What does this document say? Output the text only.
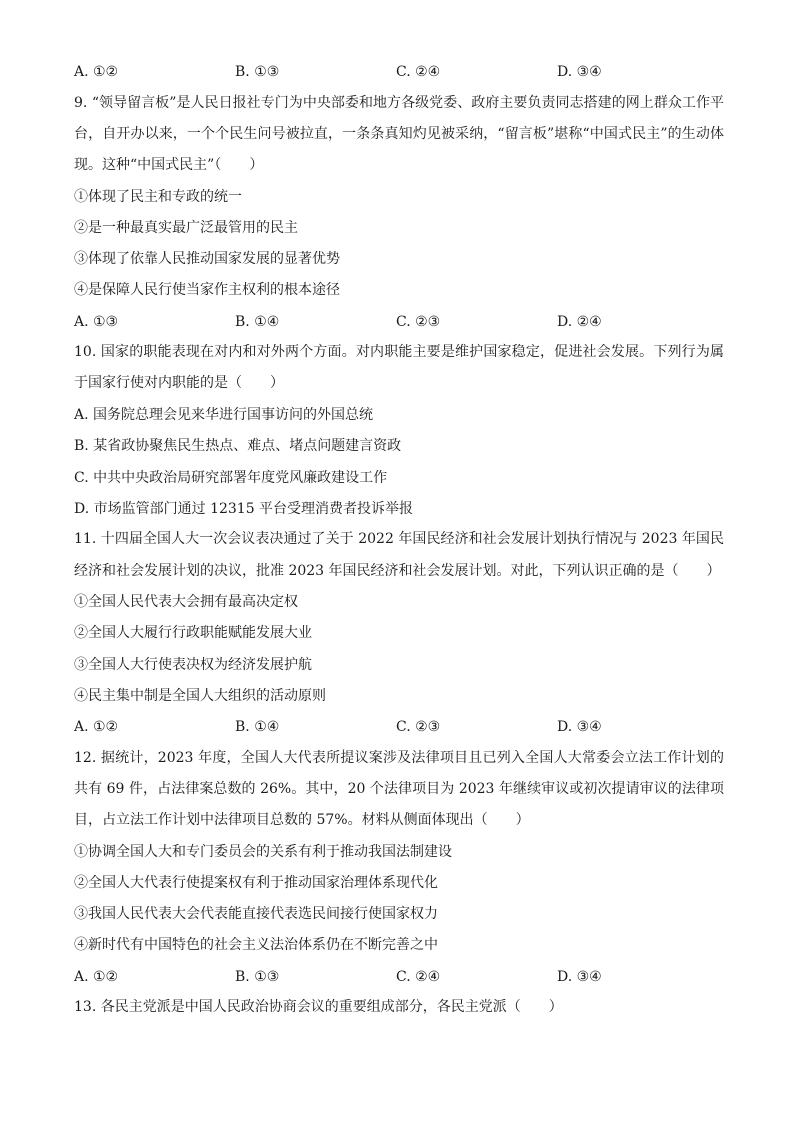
A. ①②	B. ①③	C. ②④	D. ③④
9. “领导留言板”是人民日报社专门为中央部委和地方各级党委、政府主要负责同志搭建的网上群众工作平台，自开办以来，一个个民生问号被拉直，一条条真知灼见被采纳，“留言板”堪称“中国式民主”的生动体现。这种“中国式民主”（　　）
①体现了民主和专政的统一
②是一种最真实最广泛最管用的民主
③体现了依靠人民推动国家发展的显著优势
④是保障人民行使当家作主权利的根本途径
A. ①③	B. ①④	C. ②③	D. ②④
10. 国家的职能表现在对内和对外两个方面。对内职能主要是维护国家稳定，促进社会发展。下列行为属于国家行使对内职能的是（　　）
A. 国务院总理会见来华进行国事访问的外国总统
B. 某省政协聚焦民生热点、难点、堵点问题建言资政
C. 中共中央政治局研究部署年度党风廉政建设工作
D. 市场监管部门通过 12315 平台受理消费者投诉举报
11. 十四届全国人大一次会议表决通过了关于 2022 年国民经济和社会发展计划执行情况与 2023 年国民经济和社会发展计划的决议，批准 2023 年国民经济和社会发展计划。对此，下列认识正确的是（　　）
①全国人民代表大会拥有最高决定权
②全国人大履行行政职能赋能发展大业
③全国人大行使表决权为经济发展护航
④民主集中制是全国人大组织的活动原则
A. ①②	B. ①④	C. ②③	D. ③④
12. 据统计，2023 年度，全国人大代表所提议案涉及法律项目且已列入全国人大常委会立法工作计划的共有 69 件，占法律案总数的 26%。其中，20 个法律项目为 2023 年继续审议或初次提请审议的法律项目，占立法工作计划中法律项目总数的 57%。材料从侧面体现出（　　）
①协调全国人大和专门委员会的关系有利于推动我国法制建设
②全国人大代表行使提案权有利于推动国家治理体系现代化
③我国人民代表大会代表能直接代表选民间接行使国家权力
④新时代有中国特色的社会主义法治体系仍在不断完善之中
A. ①②	B. ①③	C. ②④	D. ③④
13. 各民主党派是中国人民政治协商会议的重要组成部分，各民主党派（　　）
